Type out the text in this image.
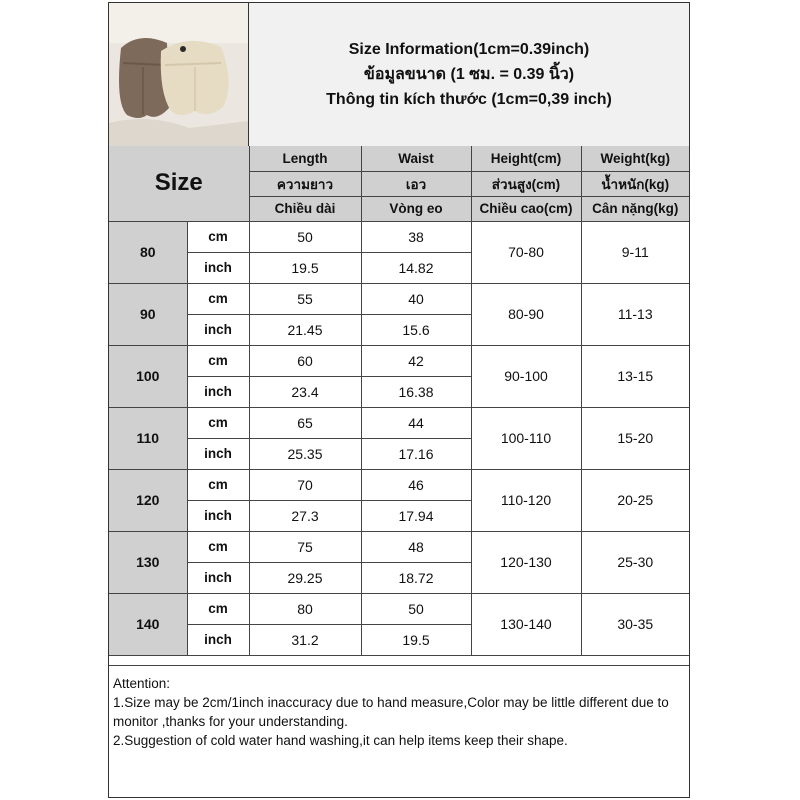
Size Information(1cm=0.39inch)
ข้อมูลขนาด (1 ซม. = 0.39 นิ้ว)
Thông tin kích thước (1cm=0,39 inch)
Size		Length	Waist	Height(cm)	Weight(kg)
		ความยาว	เอว	ส่วนสูง(cm)	น้ำหนัก(kg)
		Chiều dài	Vòng eo	Chiều cao(cm)	Cân nặng(kg)
80	cm	50	38	70-80	9-11
	inch	19.5	14.82		
90	cm	55	40	80-90	11-13
	inch	21.45	15.6		
100	cm	60	42	90-100	13-15
	inch	23.4	16.38		
110	cm	65	44	100-110	15-20
	inch	25.35	17.16		
120	cm	70	46	110-120	20-25
	inch	27.3	17.94		
130	cm	75	48	120-130	25-30
	inch	29.25	18.72		
140	cm	80	50	130-140	30-35
	inch	31.2	19.5		
Attention:
1.Size may be 2cm/1inch inaccuracy due to hand measure,Color may be little different due to monitor ,thanks for your understanding.
2.Suggestion of cold water hand washing,it can help items keep their shape.
